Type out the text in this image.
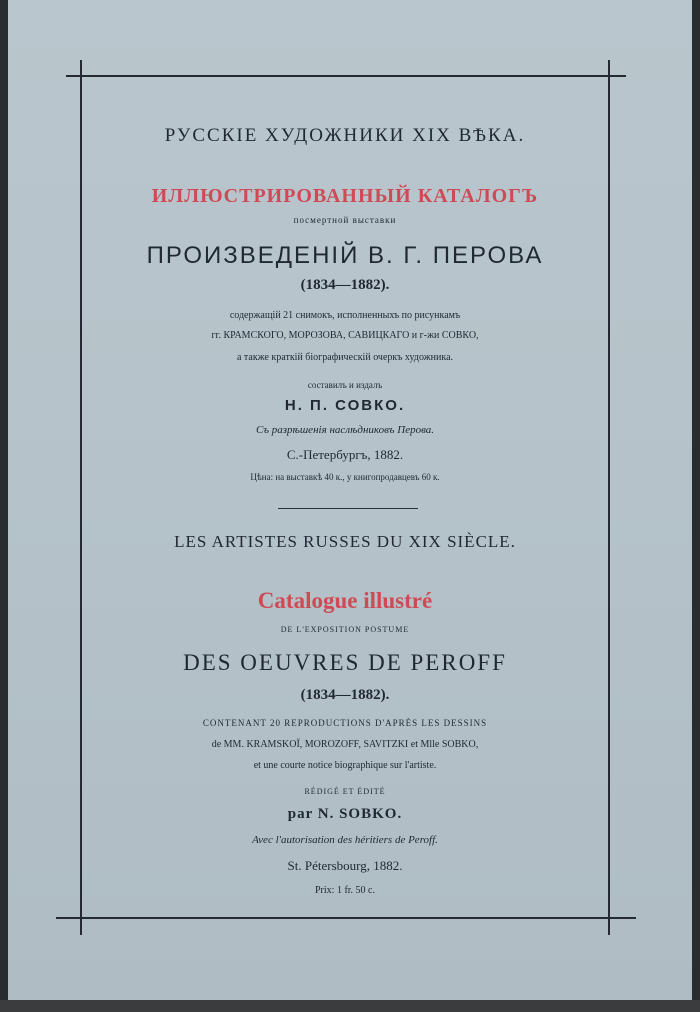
РУССКІЕ ХУДОЖНИКИ XIX ВѢКА.
ИЛЛЮСТРИРОВАННЫЙ КАТАЛОГЪ
посмертной выставки
ПРОИЗВЕДЕНІЙ В. Г. ПЕРОВА
(1834—1882).
содержащій 21 снимокъ, исполненныхъ по рисункамъ
гг. КРАМСКОГО, МОРОЗОВА, САВИЦКАГО и г-жи СОВКО,
а также краткій біографическій очеркъ художника.
составилъ и издалъ
Н. П. СОВКО.
Съ разрѣшенія наслѣдниковъ Перова.
С.-Петербургъ, 1882.
Цѣна: на выставкѣ 40 к., у книгопродавцевъ 60 к.
LES ARTISTES RUSSES DU XIX SIÈCLE.
Catalogue illustré
DE L'EXPOSITION POSTUME
DES OEUVRES DE PEROFF
(1834—1882).
CONTENANT 20 REPRODUCTIONS D'APRÈS LES DESSINS
de MM. KRAMSKOÏ, MOROZOFF, SAVITZKI et Mlle SOBKO,
et une courte notice biographique sur l'artiste.
RÉDIGÉ ET ÉDITÉ
par N. SOBKO.
Avec l'autorisation des héritiers de Peroff.
St. Pétersbourg, 1882.
Prix: 1 fr. 50 c.
